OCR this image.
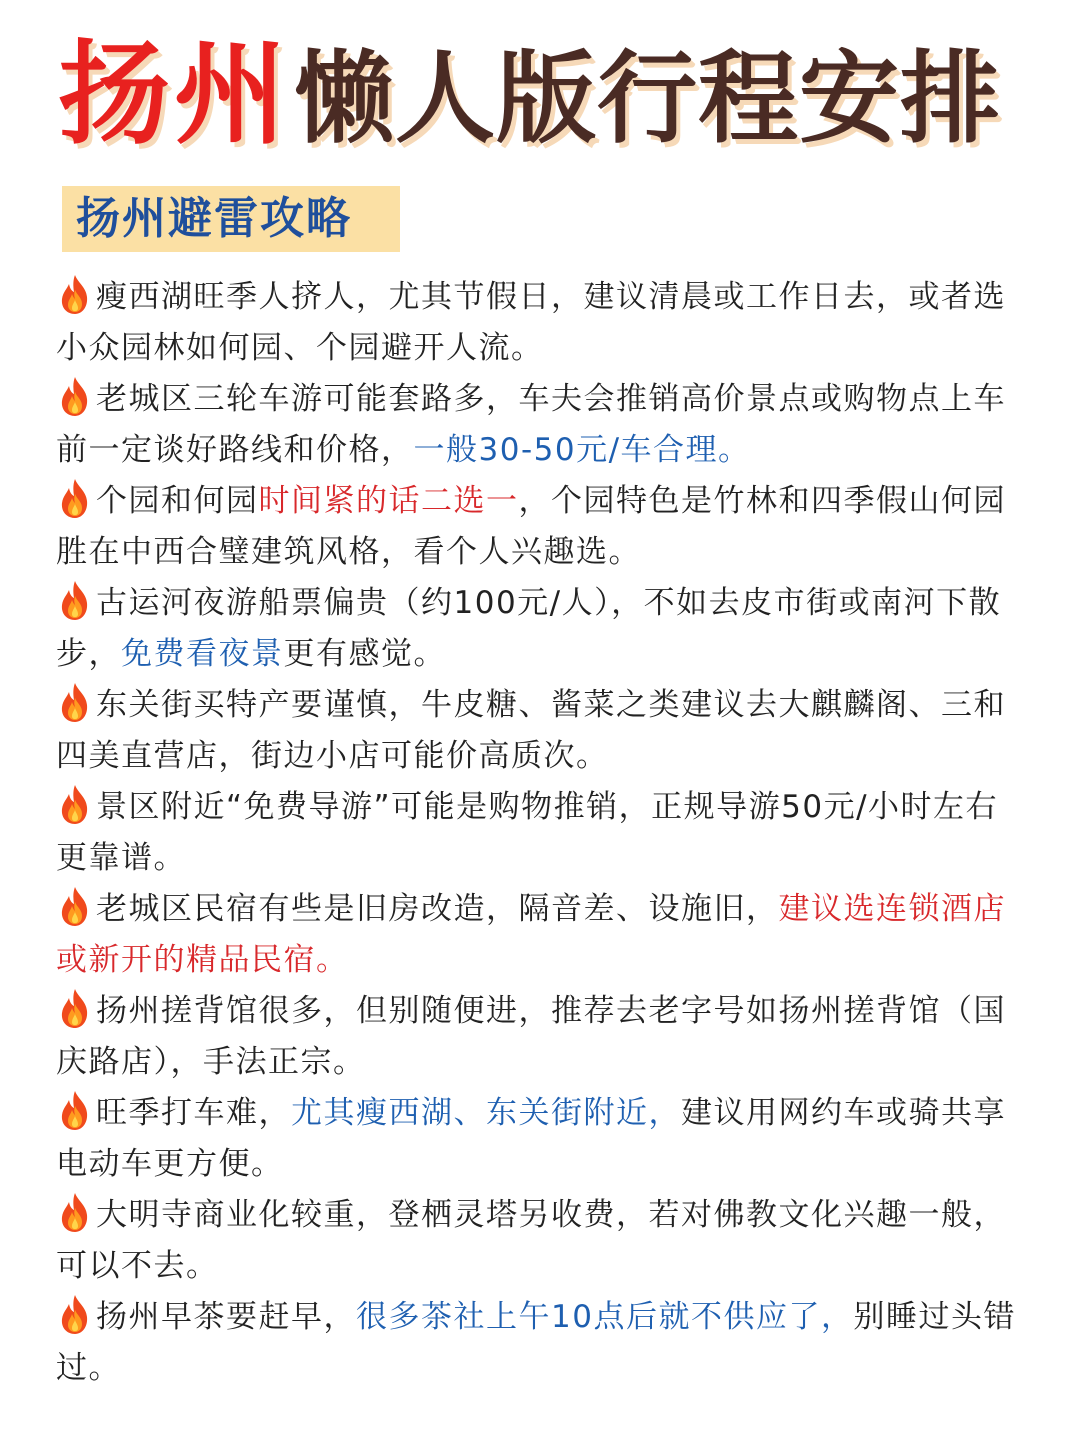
扬州懒人版行程安排
扬州避雷攻略

瘦西湖旺季人挤人，尤其节假日，建议清晨或工作日去，或者选小众园林如何园、个园避开人流。

老城区三轮车游可能套路多，车夫会推销高价景点或购物点上车前一定谈好路线和价格，一般30-50元/车合理。

个园和何园时间紧的话二选一，个园特色是竹林和四季假山何园胜在中西合璧建筑风格，看个人兴趣选。

古运河夜游船票偏贵（约100元/人），不如去皮市街或南河下散步，免费看夜景更有感觉。

东关街买特产要谨慎，牛皮糖、酱菜之类建议去大麒麟阁、三和四美直营店，街边小店可能价高质次。

景区附近“免费导游”可能是购物推销，正规导游50元/小时左右更靠谱。

老城区民宿有些是旧房改造，隔音差、设施旧，建议选连锁酒店或新开的精品民宿。

扬州搓背馆很多，但别随便进，推荐去老字号如扬州搓背馆（国庆路店），手法正宗。

旺季打车难，尤其瘦西湖、东关街附近，建议用网约车或骑共享电动车更方便。

大明寺商业化较重，登栖灵塔另收费，若对佛教文化兴趣一般，可以不去。

扬州早茶要赶早，很多茶社上午10点后就不供应了，别睡过头错过。
